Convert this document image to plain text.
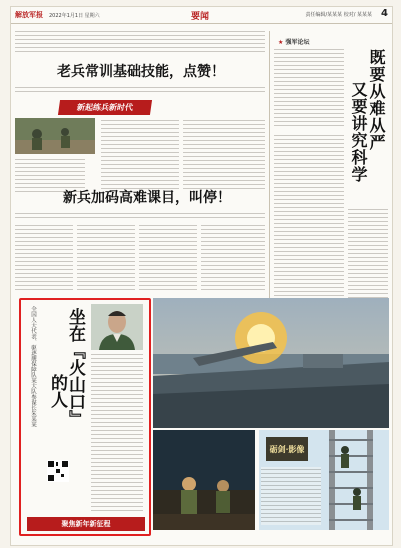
解放军报 2022年1月1日 星期六	要闻	责任编辑/某某某 校对/ 某某某 4
老兵常训基础技能，点赞！
新起练兵新时代
新兵加码高难课目，叫停！
★ 强军论坛
既要从难从严
又要讲究科学
坐在『火山口』
的人
全国人大代表、驱逐舰保障队某大队参谋长朱某某
聚焦新年新征程
砺剑·影像
